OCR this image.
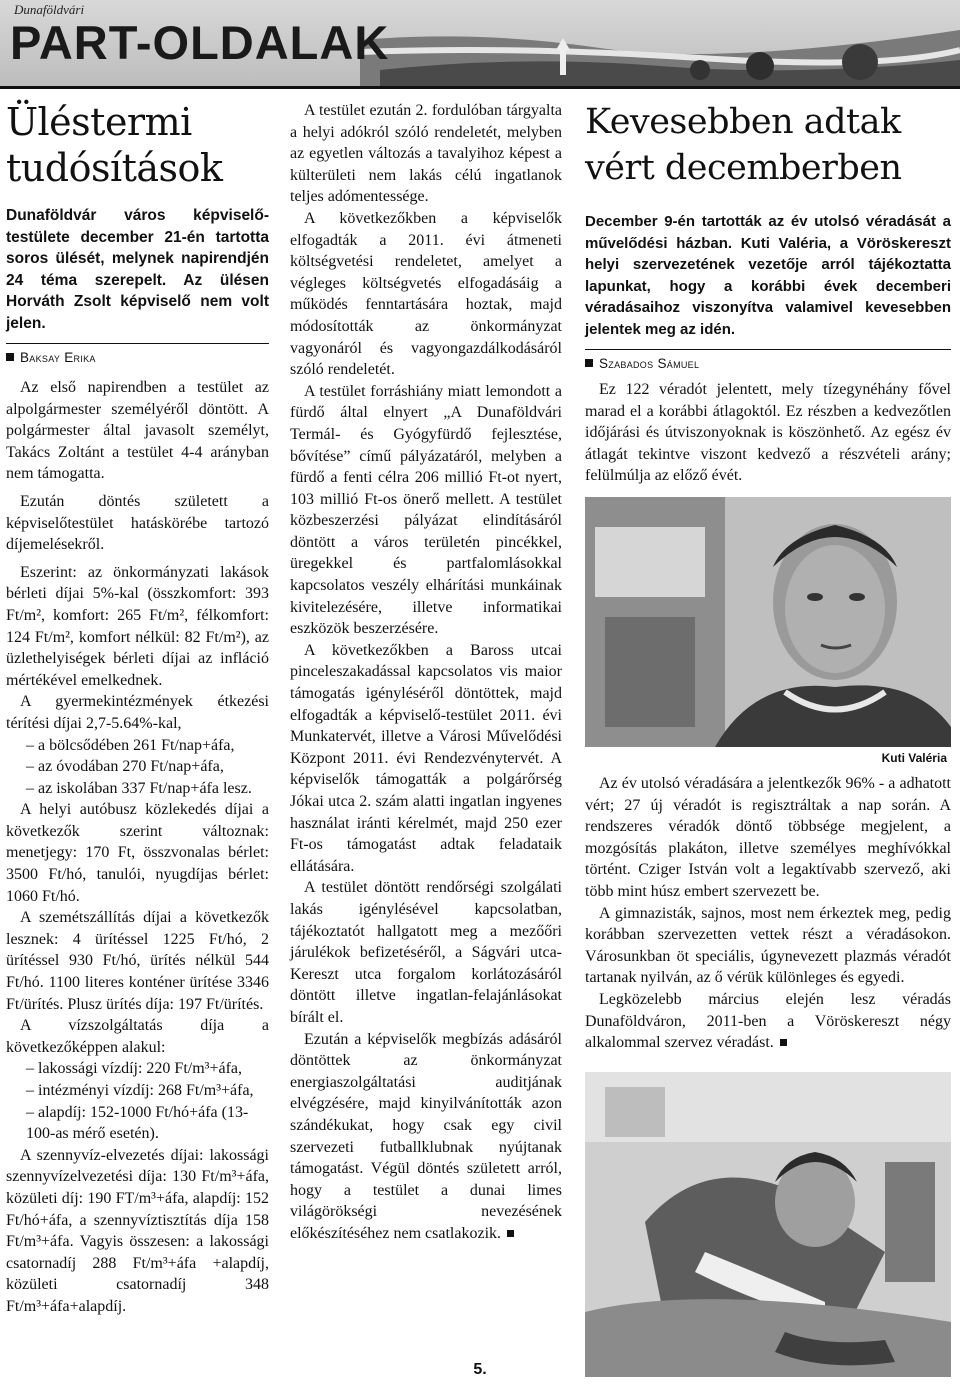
Dunaföldvári
PART-OLDALAK
Üléstermi
tudósítások

Dunaföldvár város képviselő-testülete december 21-én tartotta soros ülését, melynek napirendjén 24 téma szerepelt. Az ülésen Horváth Zsolt képviselő nem volt jelen.

Baksay Erika

Az első napirendben a testület az alpolgármester személyéről döntött. A polgármester által javasolt személyt, Takács Zoltánt a testület 4-4 arányban nem támogatta.

Ezután döntés született a képviselőtestület hatáskörébe tartozó díjemelésekről.

Eszerint: az önkormányzati lakások bérleti díjai 5%-kal (összkomfort: 393 Ft/m², komfort: 265 Ft/m², félkomfort: 124 Ft/m², komfort nélkül: 82 Ft/m²), az üzlethelyiségek bérleti díjai az infláció mértékével emelkednek.

A gyermekintézmények étkezési térítési díjai 2,7-5.64%-kal,

– a bölcsődében 261 Ft/nap+áfa,

– az óvodában 270 Ft/nap+áfa,

– az iskolában 337 Ft/nap+áfa lesz.

A helyi autóbusz közlekedés díjai a következők szerint változnak: menetjegy: 170 Ft, összvonalas bérlet: 3500 Ft/hó, tanulói, nyugdíjas bérlet: 1060 Ft/hó.

A szemétszállítás díjai a következők lesznek: 4 ürítéssel 1225 Ft/hó, 2 ürítéssel 930 Ft/hó, ürítés nélkül 544 Ft/hó. 1100 literes konténer ürítése 3346 Ft/ürítés. Plusz ürítés díja: 197 Ft/ürítés.

A vízszolgáltatás díja a következőképpen alakul:

– lakossági vízdíj: 220 Ft/m³+áfa,

– intézményi vízdíj: 268 Ft/m³+áfa,

– alapdíj: 152-1000 Ft/hó+áfa (13-100-as mérő esetén).

A szennyvíz-elvezetés díjai: lakossági szennyvízelvezetési díja: 130 Ft/m³+áfa, közületi díj: 190 FT/m³+áfa, alapdíj: 152 Ft/hó+áfa, a szennyvíztisztítás díja 158 Ft/m³+áfa. Vagyis összesen: a lakossági csatornadíj 288 Ft/m³+áfa +alapdíj, közületi csatornadíj 348 Ft/m³+áfa+alapdíj.

A testület ezután 2. fordulóban tárgyalta a helyi adókról szóló rendeletét, melyben az egyetlen változás a tavalyihoz képest a külterületi nem lakás célú ingatlanok teljes adómentessége.

A következőkben a képviselők elfogadták a 2011. évi átmeneti költségvetési rendeletet, amelyet a végleges költségvetés elfogadásáig a működés fenntartására hoztak, majd módosították az önkormányzat vagyonáról és vagyongazdálkodásáról szóló rendeletét.

A testület forráshiány miatt lemondott a fürdő által elnyert „A Dunaföldvári Termál- és Gyógyfürdő fejlesztése, bővítése” című pályázatáról, melyben a fürdő a fenti célra 206 millió Ft-ot nyert, 103 millió Ft-os önerő mellett. A testület közbeszerzési pályázat elindításáról döntött a város területén pincékkel, üregekkel és partfalomlásokkal kapcsolatos veszély elhárítási munkáinak kivitelezésére, illetve informatikai eszközök beszerzésére.

A következőkben a Baross utcai pinceleszakadással kapcsolatos vis maior támogatás igényléséről döntöttek, majd elfogadták a képviselő-testület 2011. évi Munkatervét, illetve a Városi Művelődési Központ 2011. évi Rendezvénytervét. A képviselők támogatták a polgárőrség Jókai utca 2. szám alatti ingatlan ingyenes használat iránti kérelmét, majd 250 ezer Ft-os támogatást adtak feladataik ellátására.

A testület döntött rendőrségi szolgálati lakás igénylésével kapcsolatban, tájékoztatót hallgatott meg a mezőőri járulékok befizetéséről, a Ságvári utca- Kereszt utca forgalom korlátozásáról döntött illetve ingatlan-felajánlásokat bírált el.

Ezután a képviselők megbízás adásáról döntöttek az önkormányzat energiaszolgáltatási auditjának elvégzésére, majd kinyilvánították azon szándékukat, hogy csak egy civil szervezeti futballklubnak nyújtanak támogatást. Végül döntés született arról, hogy a testület a dunai limes világörökségi nevezésének előkészítéséhez nem csatlakozik.

Kevesebben adtak
vért decemberben

December 9-én tartották az év utolsó véradását a művelődési házban. Kuti Valéria, a Vöröskereszt helyi szervezetének vezetője arról tájékoztatta lapunkat, hogy a korábbi évek decemberi véradásaihoz viszonyítva valamivel kevesebben jelentek meg az idén.

Szabados Sámuel

Ez 122 véradót jelentett, mely tízegynéhány fővel marad el a korábbi átlagoktól. Ez részben a kedvezőtlen időjárási és útviszonyoknak is köszönhető. Az egész év átlagát tekintve viszont kedvező a részvételi arány; felülmúlja az előző évét.

Kuti Valéria

Az év utolsó véradására a jelentkezők 96% - a adhatott vért; 27 új véradót is regisztráltak a nap során. A rendszeres véradók döntő többsége megjelent, a mozgósítás plakáton, illetve személyes meghívókkal történt. Cziger István volt a legaktívabb szervező, aki több mint húsz embert szervezett be.

A gimnazisták, sajnos, most nem érkeztek meg, pedig korábban szervezetten vettek részt a véradásokon. Városunkban öt speciális, úgynevezett plazmás véradót tartanak nyilván, az ő vérük különleges és egyedi.

Legközelebb március elején lesz véradás Dunaföldváron, 2011-ben a Vöröskereszt négy alkalommal szervez véradást.

5.
